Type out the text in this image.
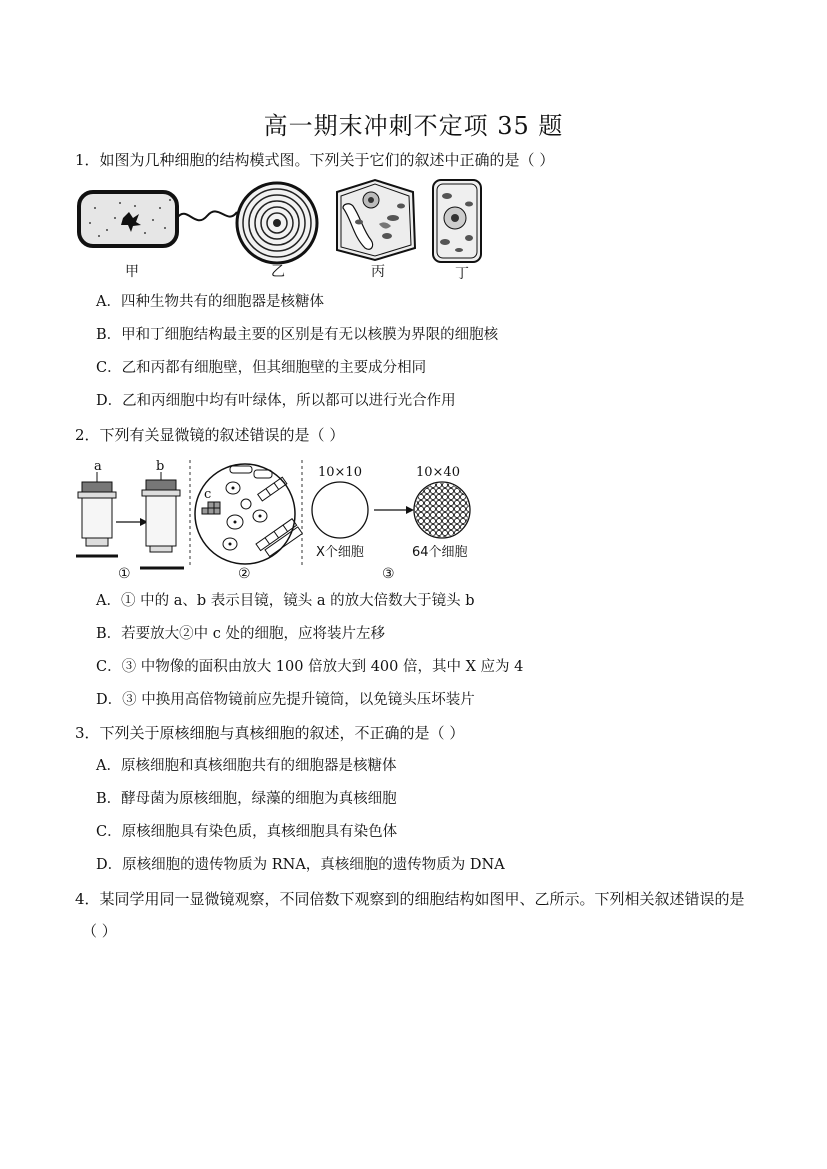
高一期末冲刺不定项 35 题
1．如图为几种细胞的结构模式图。下列关于它们的叙述中正确的是（ ）
甲	乙	丙	丁
A．四种生物共有的细胞器是核糖体
B．甲和丁细胞结构最主要的区别是有无以核膜为界限的细胞核
C．乙和丙都有细胞壁，但其细胞壁的主要成分相同
D．乙和丙细胞中均有叶绿体，所以都可以进行光合作用
2．下列有关显微镜的叙述错误的是（ ）
a	b
①
c
②
10×10
X个细胞
10×40
64个细胞
③
A．① 中的 a、b 表示目镜，镜头 a 的放大倍数大于镜头 b
B．若要放大②中 c 处的细胞，应将装片左移
C．③ 中物像的面积由放大 100 倍放大到 400 倍，其中 X 应为 4
D．③ 中换用高倍物镜前应先提升镜筒，以免镜头压坏装片
3．下列关于原核细胞与真核细胞的叙述，不正确的是（ ）
A．原核细胞和真核细胞共有的细胞器是核糖体
B．酵母菌为原核细胞，绿藻的细胞为真核细胞
C．原核细胞具有染色质，真核细胞具有染色体
D．原核细胞的遗传物质为 RNA，真核细胞的遗传物质为 DNA
4．某同学用同一显微镜观察，不同倍数下观察到的细胞结构如图甲、乙所示。下列相关叙述错误的是
（ ）
